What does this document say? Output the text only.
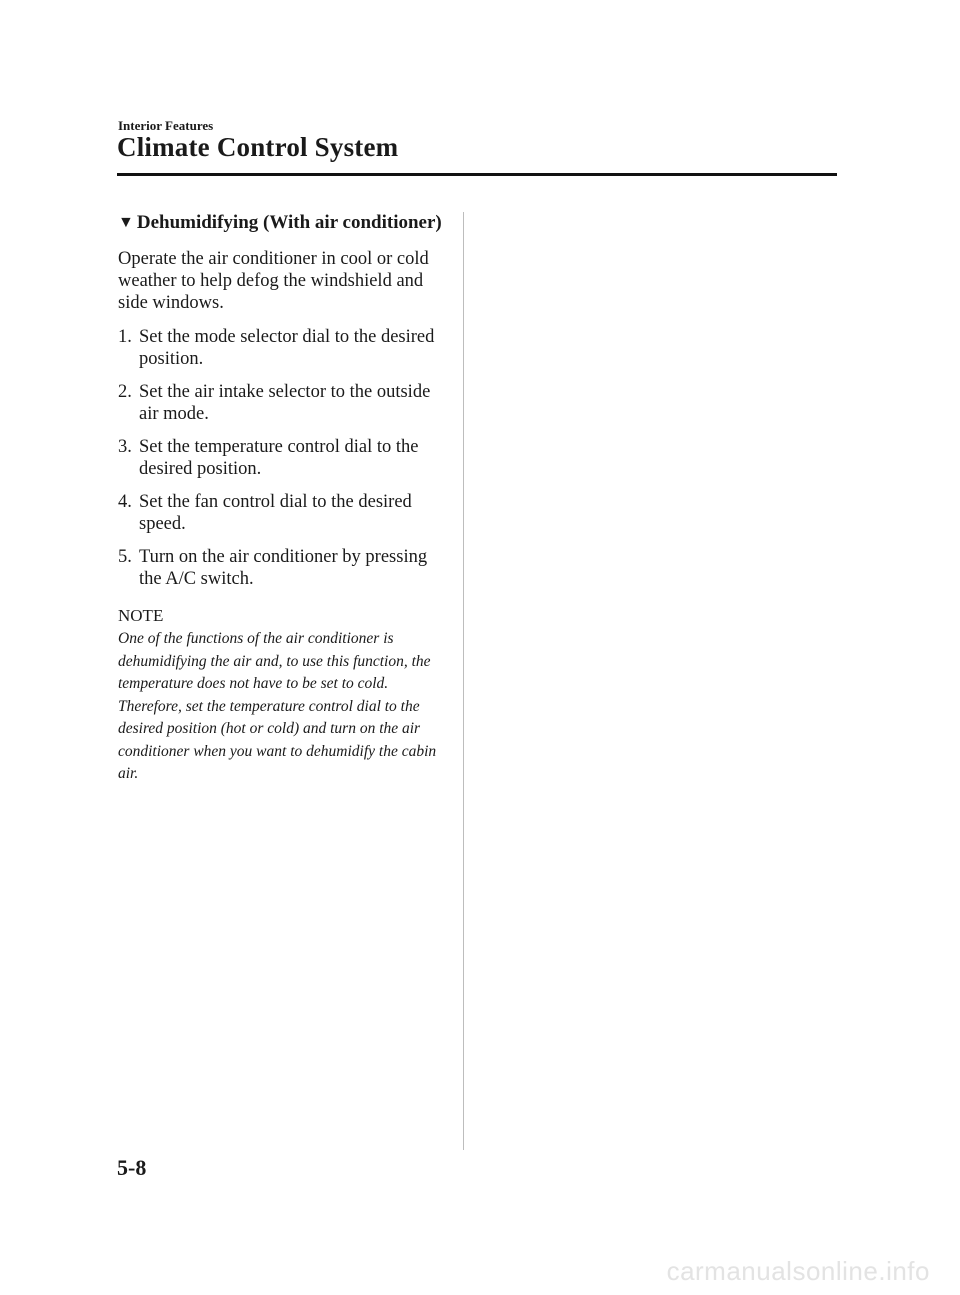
Interior Features
Climate Control System
▼ Dehumidifying (With air conditioner)

Operate the air conditioner in cool or cold weather to help defog the windshield and side windows.

1. Set the mode selector dial to the desired position.
2. Set the air intake selector to the outside air mode.
3. Set the temperature control dial to the desired position.
4. Set the fan control dial to the desired speed.
5. Turn on the air conditioner by pressing the A/C switch.
NOTE

One of the functions of the air conditioner is dehumidifying the air and, to use this function, the temperature does not have to be set to cold. Therefore, set the temperature control dial to the desired position (hot or cold) and turn on the air conditioner when you want to dehumidify the cabin air.

5-8
carmanualsonline.info
